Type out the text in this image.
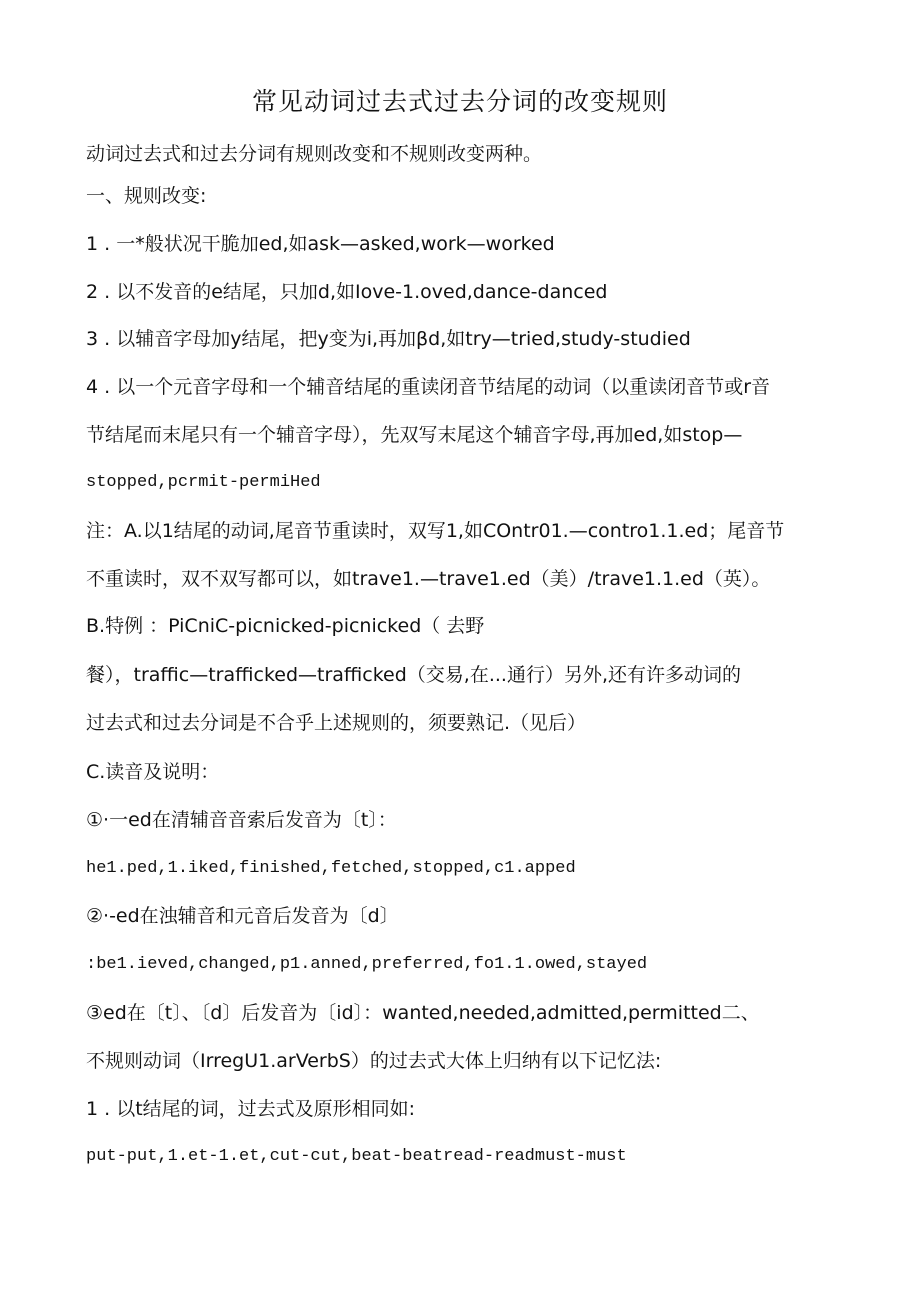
常见动词过去式过去分词的改变规则
动词过去式和过去分词有规则改变和不规则改变两种。
一、规则改变:
1 . 一*般状况干脆加ed,如ask—asked,work—worked
2 . 以不发音的e结尾，只加d,如Iove-1.oved,dance-danced
3 . 以辅音字母加y结尾，把y变为i,再加βd,如try—tried,study-studied
4 . 以一个元音字母和一个辅音结尾的重读闭音节结尾的动词（以重读闭音节或r音
节结尾而末尾只有一个辅音字母），先双写末尾这个辅音字母,再加ed,如stop—
stopped,pcrmit-permiHed
注：A.以1结尾的动词,尾音节重读时，双写1,如COntr01.—contro1.1.ed；尾音节
不重读时，双不双写都可以，如trave1.—trave1.ed（美）/trave1.1.ed（英）。
B.特例 ：PiCniC-picnicked-picnicked（ 去野
餐），traffic—trafficked—trafficked（交易,在...通行）另外,还有许多动词的
过去式和过去分词是不合乎上述规则的，须要熟记.（见后）
C.读音及说明：
①·一ed在清辅音音索后发音为〔t〕：
he1.ped,1.iked,finished,fetched,stopped,c1.apped
②·-ed在浊辅音和元音后发音为〔d〕
:be1.ieved,changed,p1.anned,preferred,fo1.1.owed,stayed
③ed在〔t〕、〔d〕后发音为〔id〕：wanted,needed,admitted,permitted二、
不规则动词（IrregU1.arVerbS）的过去式大体上归纳有以下记忆法:
1 . 以t结尾的词，过去式及原形相同如:
put-put,1.et-1.et,cut-cut,beat-beatread-readmust-must
